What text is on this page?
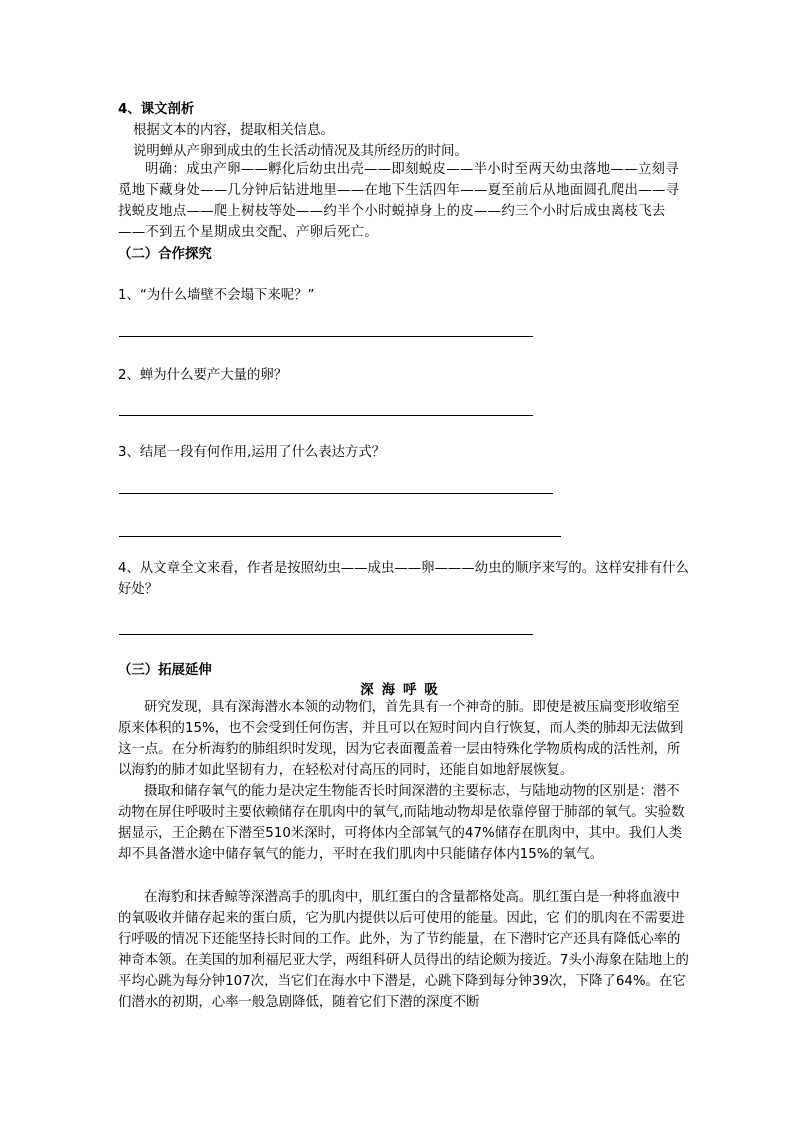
4、课文剖析

根据文本的内容，提取相关信息。

说明蝉从产卵到成虫的生长活动情况及其所经历的时间。

明确：成虫产卵——孵化后幼虫出壳——即刻蜕皮——半小时至两天幼虫落地——立刻寻觅地下藏身处——几分钟后钻进地里——在地下生活四年——夏至前后从地面圆孔爬出——寻找蜕皮地点——爬上树枝等处——约半个小时蜕掉身上的皮——约三个小时后成虫离枝飞去——不到五个星期成虫交配、产卵后死亡。

（二）合作探究

1、“为什么墙壁不会塌下来呢？”

2、蝉为什么要产大量的卵？

3、结尾一段有何作用,运用了什么表达方式？

4、从文章全文来看，作者是按照幼虫——成虫——卵———幼虫的顺序来写的。这样安排有什么好处？

（三）拓展延伸

深海呼吸

研究发现，具有深海潜水本领的动物们，首先具有一个神奇的肺。即使是被压扁变形收缩至原来体积的15%，也不会受到任何伤害，并且可以在短时间内自行恢复，而人类的肺却无法做到这一点。在分析海豹的肺组织时发现，因为它表面覆盖着一层由特殊化学物质构成的活性剂，所以海豹的肺才如此坚韧有力，在轻松对付高压的同时，还能自如地舒展恢复。

摄取和储存氧气的能力是决定生物能否长时间深潜的主要标志，与陆地动物的区别是：潜不动物在屏住呼吸时主要依赖储存在肌肉中的氧气,而陆地动物却是依靠停留于肺部的氧气。实验数据显示，王企鹅在下潜至510米深时，可将体内全部氧气的47%储存在肌肉中，其中。我们人类却不具备潜水途中储存氧气的能力，平时在我们肌肉中只能储存体内15%的氧气。

在海豹和抹香鲸等深潜高手的肌肉中，肌红蛋白的含量都格处高。肌红蛋白是一种将血液中的氧吸收并储存起来的蛋白质，它为肌内提供以后可使用的能量。因此，它 们的肌肉在不需要进行呼吸的情况下还能坚持长时间的工作。此外，为了节约能量，在下潜时它产还具有降低心率的神奇本领。在美国的加利福尼亚大学，两组科研人员得出的结论颇为接近。7头小海象在陆地上的平均心跳为每分钟107次，当它们在海水中下潜是，心跳下降到每分钟39次，下降了64%。在它们潜水的初期，心率一般急剧降低，随着它们下潜的深度不断
